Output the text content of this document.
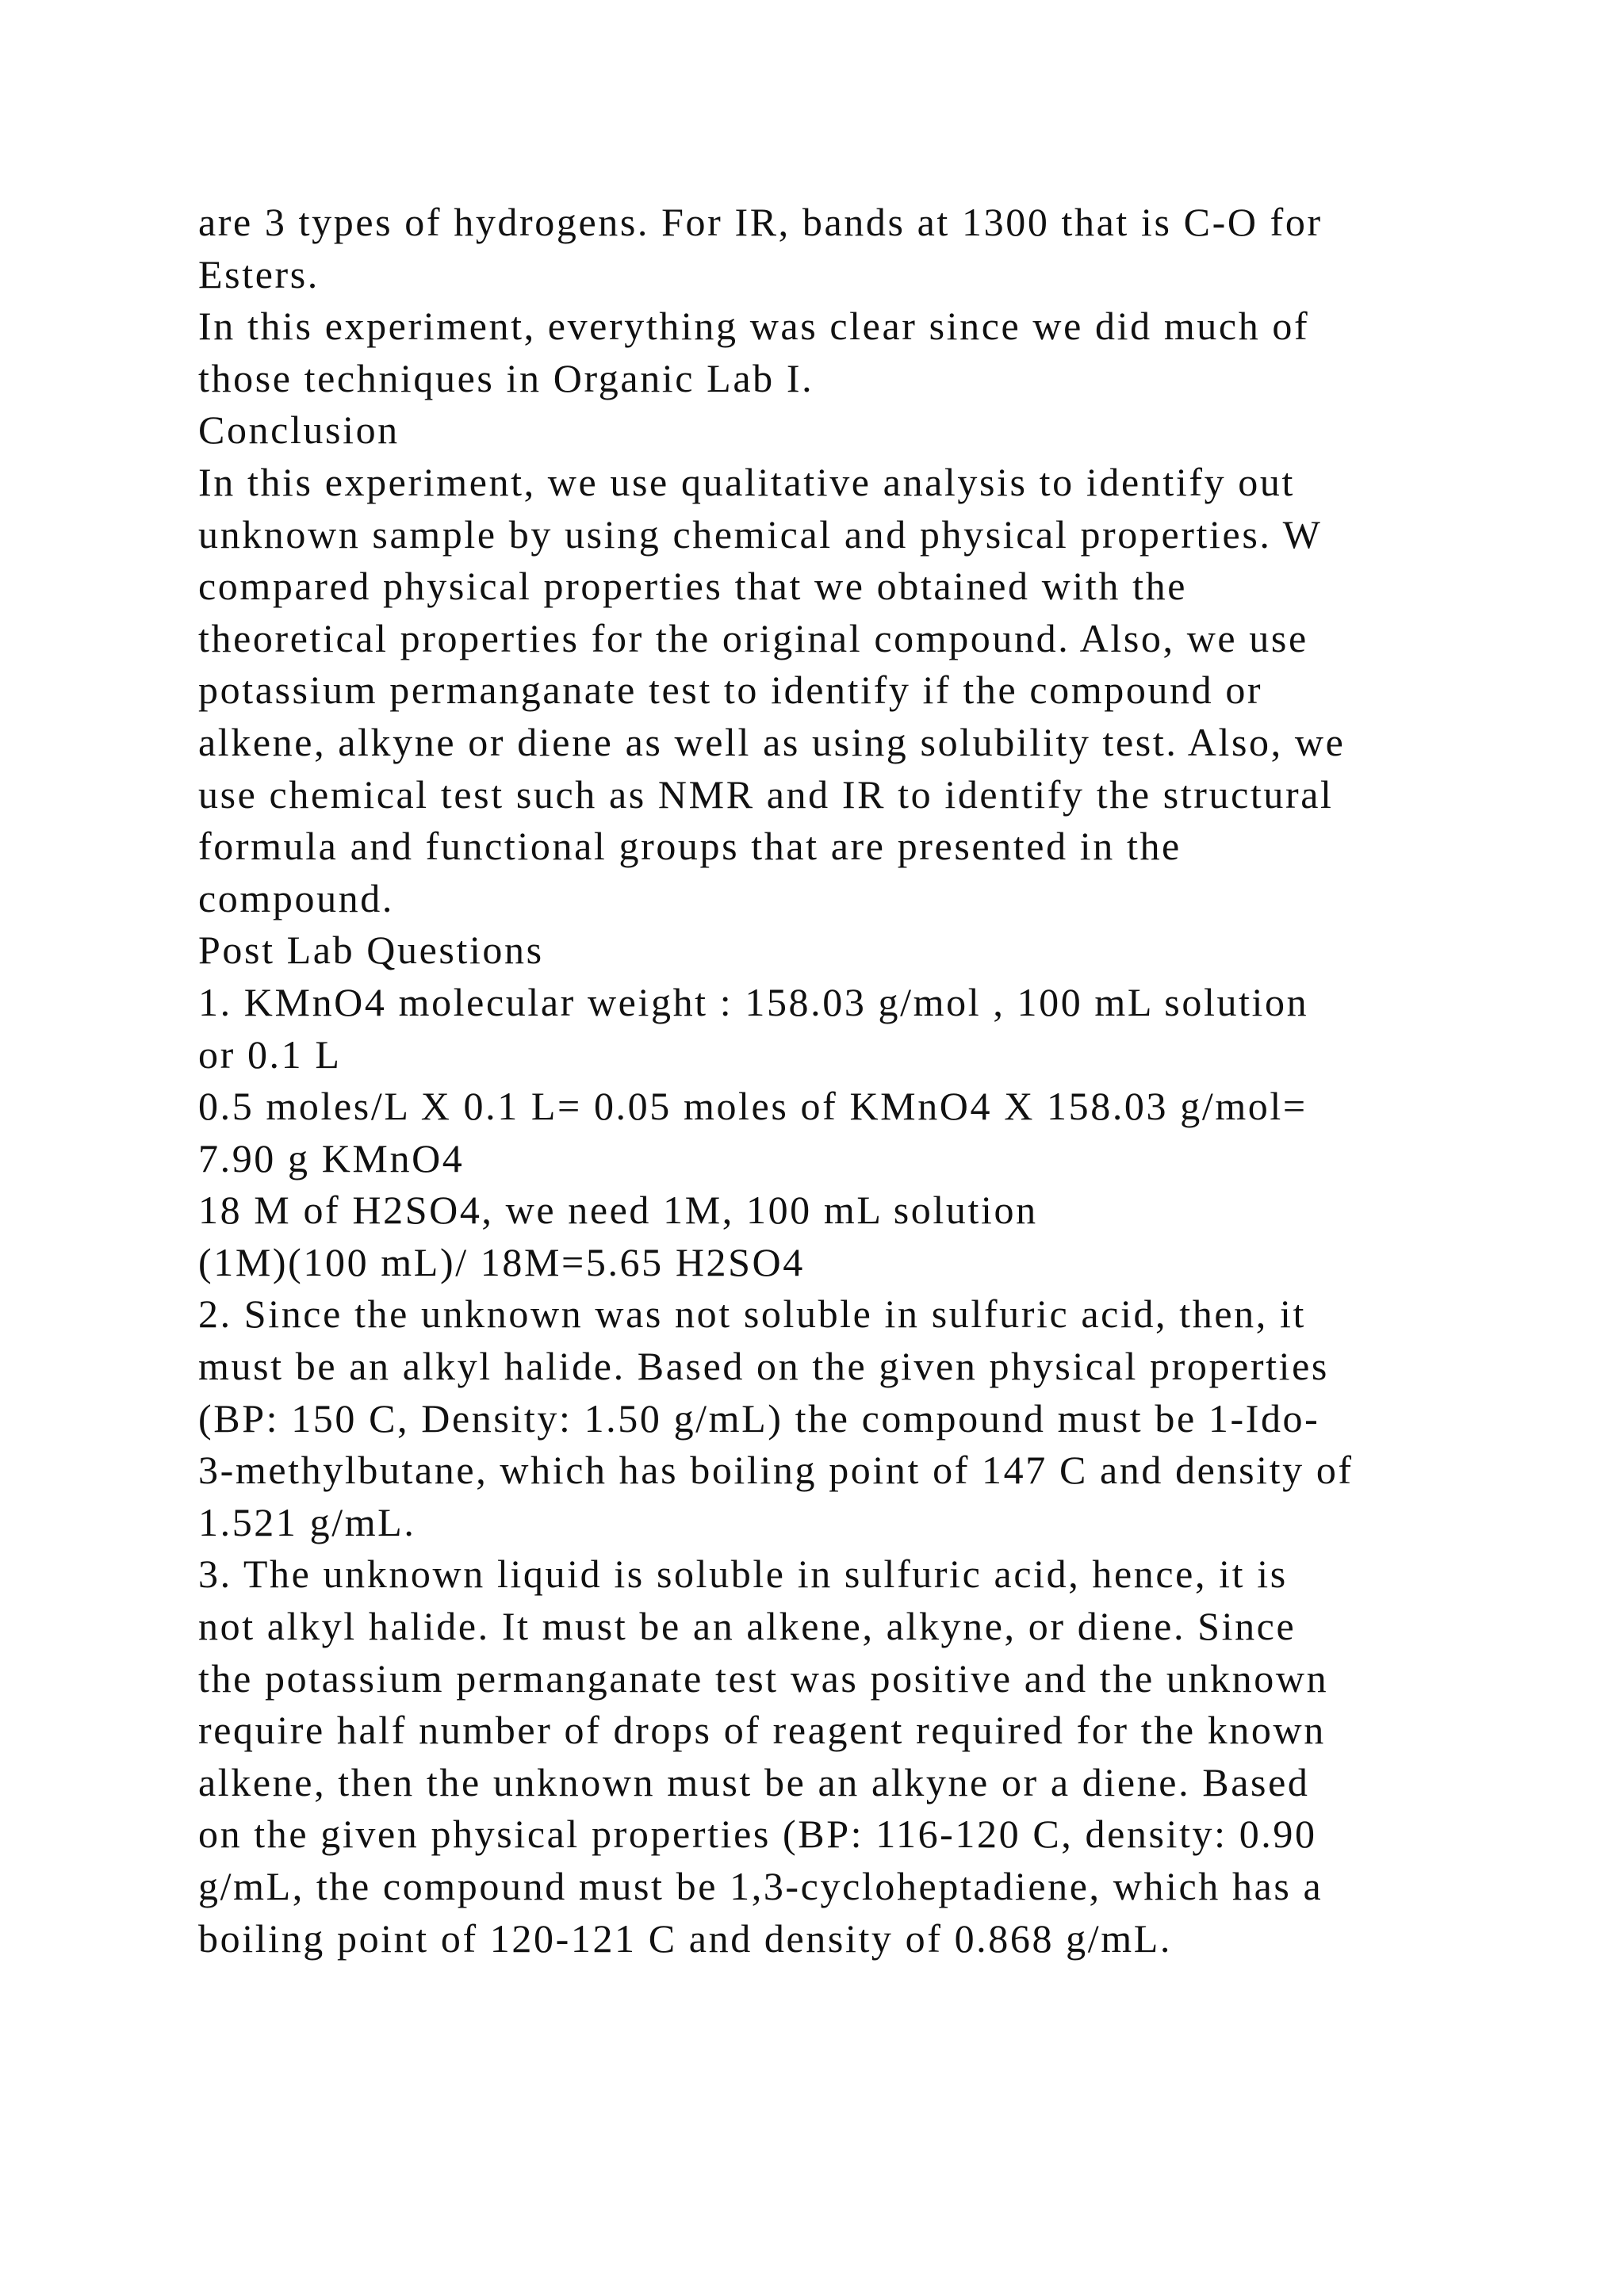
are 3 types of hydrogens. For IR, bands at 1300 that is C-O for
Esters.
In this experiment, everything was clear since we did much of
those techniques in Organic Lab I.
Conclusion
In this experiment, we use qualitative analysis to identify out
unknown sample by using chemical and physical properties. W
compared physical properties that we obtained with the
theoretical properties for the original compound. Also, we use
potassium permanganate test to identify if the compound or
alkene, alkyne or diene as well as using solubility test. Also, we
use chemical test such as NMR and IR to identify the structural
formula and functional groups that are presented in the
compound.
Post Lab Questions
1. KMnO4 molecular weight : 158.03 g/mol , 100 mL solution
or 0.1 L
0.5 moles/L X 0.1 L= 0.05 moles of KMnO4 X 158.03 g/mol=
7.90 g KMnO4
18 M of H2SO4, we need 1M, 100 mL solution
(1M)(100 mL)/ 18M=5.65 H2SO4
2. Since the unknown was not soluble in sulfuric acid, then, it
must be an alkyl halide. Based on the given physical properties
(BP: 150 C, Density: 1.50 g/mL) the compound must be 1-Ido-
3-methylbutane, which has boiling point of 147 C and density of
1.521 g/mL.
3. The unknown liquid is soluble in sulfuric acid, hence, it is
not alkyl halide. It must be an alkene, alkyne, or diene. Since
the potassium permanganate test was positive and the unknown
require half number of drops of reagent required for the known
alkene, then the unknown must be an alkyne or a diene. Based
on the given physical properties (BP: 116-120 C, density: 0.90
g/mL, the compound must be 1,3-cycloheptadiene, which has a
boiling point of 120-121 C and density of 0.868 g/mL.
